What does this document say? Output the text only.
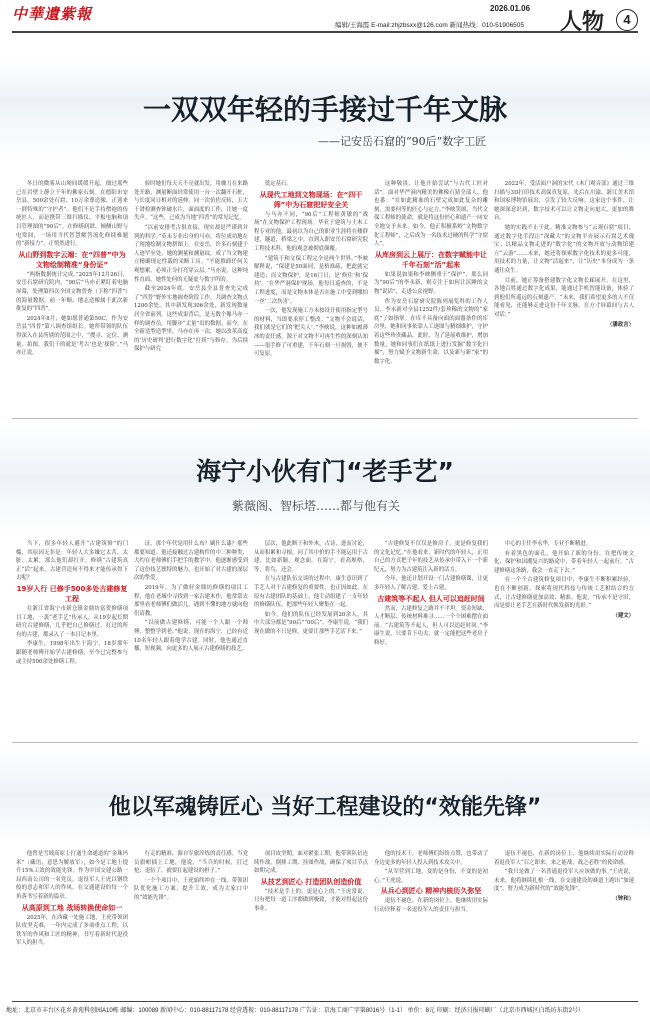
中華遺紫報	2026.01.06
编辑/王海霞 E-mail:zhjzbsxx@126.com 新闻热线：010-51906505 人物	4
一双双年轻的手接过千年文脉
——记安岳石窟的“90后”数字工匠

冬日的微雾从山坳间缓缓升起，细过那些已在岩壁上静立千年的佛家石刻。在德阳市安岳县，500余处石窟、10万余尊造像，正迎来一群特殊的“守护者”。他们不是手持僧袍的传统匠人，而是携带三维扫描仪、平板电脑和项目管理图的“90后”。在修缮润肆、倾侧山野与电常间，一场用当代智慧解答流化修续难题的“新接力”，正悄然进行。

从山野到数字云端：在“四普”中为文物绘制精准“身份证”

“两指数据统计完成。”2025年12月26日，安岳石窟研究院内，“90后”马亦正紧盯着电脑屏幕，处理第四次全国文物普查（下称“四普”）的海量数据。前一年顺、地志造像属于此次新批复的“四普”。

2024年8月，她如愿普通第50C，作为安岳县“四普”第八调查组组长。她所带领的队伍得深入在县所辖的范围之中，“搜寻、定位、测量、拍图，我们干的就是‘考古’也是‘探险’。”马亦正说。

验时她们每天天不亮就出发，用骤刀在来路处开路，测量断面经常使用一台一次翻开石桩，与长度同日相对的延伸，同一次仿佐反转，玉大于谱检测查钟破水片，面面度的工作，让她一度失声。“这些，已成为当地“四普”的常见记忆。

“以前安排考古很直接，现实却是严谨到并列的科学。”英未专业出身的马亦，将位成功地在了现地绘制文物帮图上。在安岳，许多石刻建于人迹罕至处，她的测量和测量纹，成了当文物建立精确现定性载的采断工具。“不能推卸任何关观想累，必须正分打亮穿云层。”马亦说，这种纯性直面，她性处何的无疑虚与数字所的。

截至2024年底，安岳县全县普查先完成了“四普”野外实地调查阶段工作，共调查文物点1200余处，其中新发现306余处，新发现数量居全省前列。这些成果背后，是无数个像马亦一样的调查员，用脚步“丈量”出的数据。而今，在全新造型造型里，马亦在再一次，她以改革高度的‘历史研判’进行数字化“打捞”与修存，为后续保护与研究

奠定基石。

从现代工地到文物现场：在“四干筛”中为石窟把好安全关

与马亦不同，“90后”工程师黄敏的“战场”在文物保护工程现场。毕业于建筑与土木工程专业的他，最初以为自己的职业生涯将在楼群建、隧道、桥梁之中。直到入职安岳石窟研究院工程技术科，他的观念被彻底颠覆。

“建筑干和文保工程完全是两个世界。”李映解释说，“保建是50面同，是格准疏，把此就完建造；而文物保护，是16门日，是‘修住’和‘保持’。‘在华严洞保护现场，他每日巡查的，不是工程进度，而是文物本体是否在施工中受到哪怕一丝‘二次伤害’。

一次，他发现施工方未按设计使用指定型号的材料，当即要求停工整改。“文物不会说话，我们就是它们的‘把关人’。”李映说，这种如履薄冰的责任感，源于对文物不可再生性的深刻认知——很手修了可重建，千年石刻一旦损毁，便不可复原。

这种敬畏，让他开始尝试“与古代工匠对话”。面对华严洞内精美的佛像石猜全部人、他也番：“在如此精准的石壁完成如此复杂的雕刻，需要何等的匠心与定力。”李映笑颂，当代文保工程师的使命，就是将这份匠心和遗产一同安全地交予未来。如今，他正积极系岭“文物数字化工程师”，之后成为一名技术过硬的科学“守窟人”。

从库房到云上展厅：在数字赋能中让千年石刻“活”起来

如果说如果和李映侧重于“保护”，那么同为“90后”的李永新，则专注于如何让沉睡的文物“说话”，走进公众视野。

作为安岳石窟研究院陈列展览科的工作人员，李永新对全县1252件/套珍稀的文物的“家底”了如指掌。在库不具备向面的面器条件的库房里，她和同事依靠人工逐图与精细维护，守护着这些珍贵藏品。此时，为了延展收维护，增加数量，她和同事们在纸纸上进行发掘“数字化扫描”，努力赋予文物新生命，以及新与新“家”的数字化。

2022年，受活面户洞的宋代《木门观音部》通过三维扫描与3D打印技术高保真复原，先后在川渝、浙江美术馆和国家博物馆展出，引发了较大反响。这家这个事件，让她深深意识到，数字技术可以让文物走向更大、更加的舞台。

她的实践不止于此。精准文物参与“云观石窟”项目，通过数字化手段让“深藏大”的文物平台展示石窟艺术瑰宝；以精品文物走进的“数字化”的文物开放与动物馆建立“云游”……未来，她还将探索数字化技术的更多可能，用技术的力量，让文物“活起来”，让“历史”本身成为一条通往众生。

目前，她正筹备搭建数字化文物长廊展开。在这里，各地百姓通过数字化成果，能通过手机智能设备，体验了到他们所遥远的石刻遗产。“未来，我们希望更多的人不仅能看见，还能够走进这份千年文脉，在方寸屏幕间与古人对话。”

（潘政言）

海宁小伙有门“老手艺”
紫薇阁、智标塔……都与他有关

当下，很多年轻人避开“古建筑修”的门槛，其原因无非是：年轻人大多嫌它太苦、太脏、太累，那么他们却打开，修缮“古建筑真正“话”起来，古建营造何不得来才能传承得下去呢？

19岁入行 已修手500多处古建修复工程

在浙江省海宁市新仓镇金鼎坊富贺修缮项目工地，一袭“老手艺”传承人，从19岁起长期研究古建修缮，几乎把自己修缮过、打过的所有的古建，都录入了一本日记本里。

李康生，1998年出生于海宁，18岁那年跟随老师傅开始学古建修缮，至今已完整参与或主持500余处修缮工程。

证，那个年代是用什么布？刷什么漆？那些都要知道。他还接触过古建构件的中三种种类，大约在老师傅们手把手的教学中，他逐渐感受到了这份技艺独特的魅力，也开始了对古建的深层次的挚爱。

2019年，为了做好金鼎坊修缮的项目工程，他在老城中寻找到一家古建木作，他常常去那里看老师傅们做活儿，遇到不懂的地方就向他们请教。

“以前做古建修缮，可能一个人跟一个师傅，整整学到老。”他说，现在的海宁，已经有近10名年轻人跟着他学古建。同时，他也通过直播、短视频，向更多的人展示古建修缮的技艺。

层次，他此断于和外木，古诗，进而讨论，从而积累和寻根，问了其中价的手不能运用于古建，比如新颖，观念面，在海宁，看高规格，等，将鸟，还会。

在与古建队伍交谈的过程中，康生意识到了手艺人对于古建修复的重要性，也正因如此，在原有古建团队的基础上，他主动组建了一支年轻的修缮队伍，把那些年轻人聚集在一起。

如今，他们的队伍已经发展到20余人。其中大部分都是“90后”“00后”。李康生说，“我们现在做的不只是修，更要让那些手艺活下来。”

“古建修复不仅仅是修房子，更是修复我们的文化记忆。”在他看来，新时代的年轻人，正用自己的方式把千年的技艺从传承中带入下一个新纪元，努力为古建筑注入新的活力。

今年，他还计划开设一门古建修缮课，让更多年轻人了解古建、爱上古建。

古建筑等不起人 但人可以追赶时间

然而，古建修复之路并不平坦。资金短缺、人才断层、传统材料难寻……一个个困难摆在面前。“古建筑等不起人，但人可以追赶时间。”李康生说，只要肯下功夫，就一定能把这些老房子修好。

中心的主任李永华，专业不断精进。

有着黑色的面孔，他开始了新的身份，在把传统文化、保护和国潮复兴的路途中，带着年轻人一起前行。“古建修缮这条路，我会一直走下去。”

在一个个古建筑修复项目中，李康生不断积累经验，也在不断创新，探索将现代科技与传统工艺相结合的方式，让古建修缮更加高效、精准。他说，“传承不是守旧，而是要让老手艺在新时代焕发新的光彩。”

（建文）

他以军魂铸匠心 当好工程建设的“效能先锋”

他曾是雪域高原上打通生命通道的“金珠玛米”（藏语，意思为解放军），如今是工地上提升15%工效的效能先锋。作为中国交建公路一局西南公司的一名党员，退役军人王虎以钢铁般的意志和军人的作风，在交通建设的每一个角落书写着新的篇章。

从高原到工地 战场转换使命如一

2025年，在西藏一处施工地，王虎带领团队攻坚克难，一年内完成了多项重点工程，以铁军的作风和工匠的精神，书写着新时代退役军人的担当。

行走的精准，源自军旅淬炼的责任感。当党员旗帜插上工地，他说，“当兵的时候，扛过枪；退伍了，就要扛起建设的担子。”

一个个项目中，王虎始终冲在一线，带领团队优化施工方案，提升工效，成为大家口中的“效能先锋”。

项目攻坚期，面对紧张工期，他带领队伍连续作战，倒排工期、挂图作战，确保了项目节点如期完成。

从技艺到匠心 打造团队创造价值

“技术是手上的，更是心上的。”王虎常说，只有把每一道工序都做到极致，才能对得起这份事业。

他的技术干，老师傅们纷纷点赞，也带动了身边更多的年轻人投入到技术攻关中。

“从军营到工地，变的是身份，不变的是初心。”王虎说。

从兵心到匠心 精神内核历久弥坚

退伍不褪色，在新的岗位上，他继续用实际行动诠释着一名退役军人的责任与担当。

退伍不褪色，在新的岗位上，他继续用实际行动诠释着退役军人“召之即来，来之能战，战之必胜”的使命感。

“我只是做了一名普通退役军人应该做的事。”王虎说，未来，他将继续扎根一线，在交通建设的赛道上跑出“加速度”，努力成为新时代的“效能先锋”。

（钟和）

地址：北京市丰台区花乡黄苑科创园A10栋 邮编：100089 新闻中心：010-88117178 经营透视：010-88117178 广告证：京海工商广字第8016号（1-1） 单价：8元 印刷：经济日报印刷厂（北京市西城区白纸坊东街2号）
